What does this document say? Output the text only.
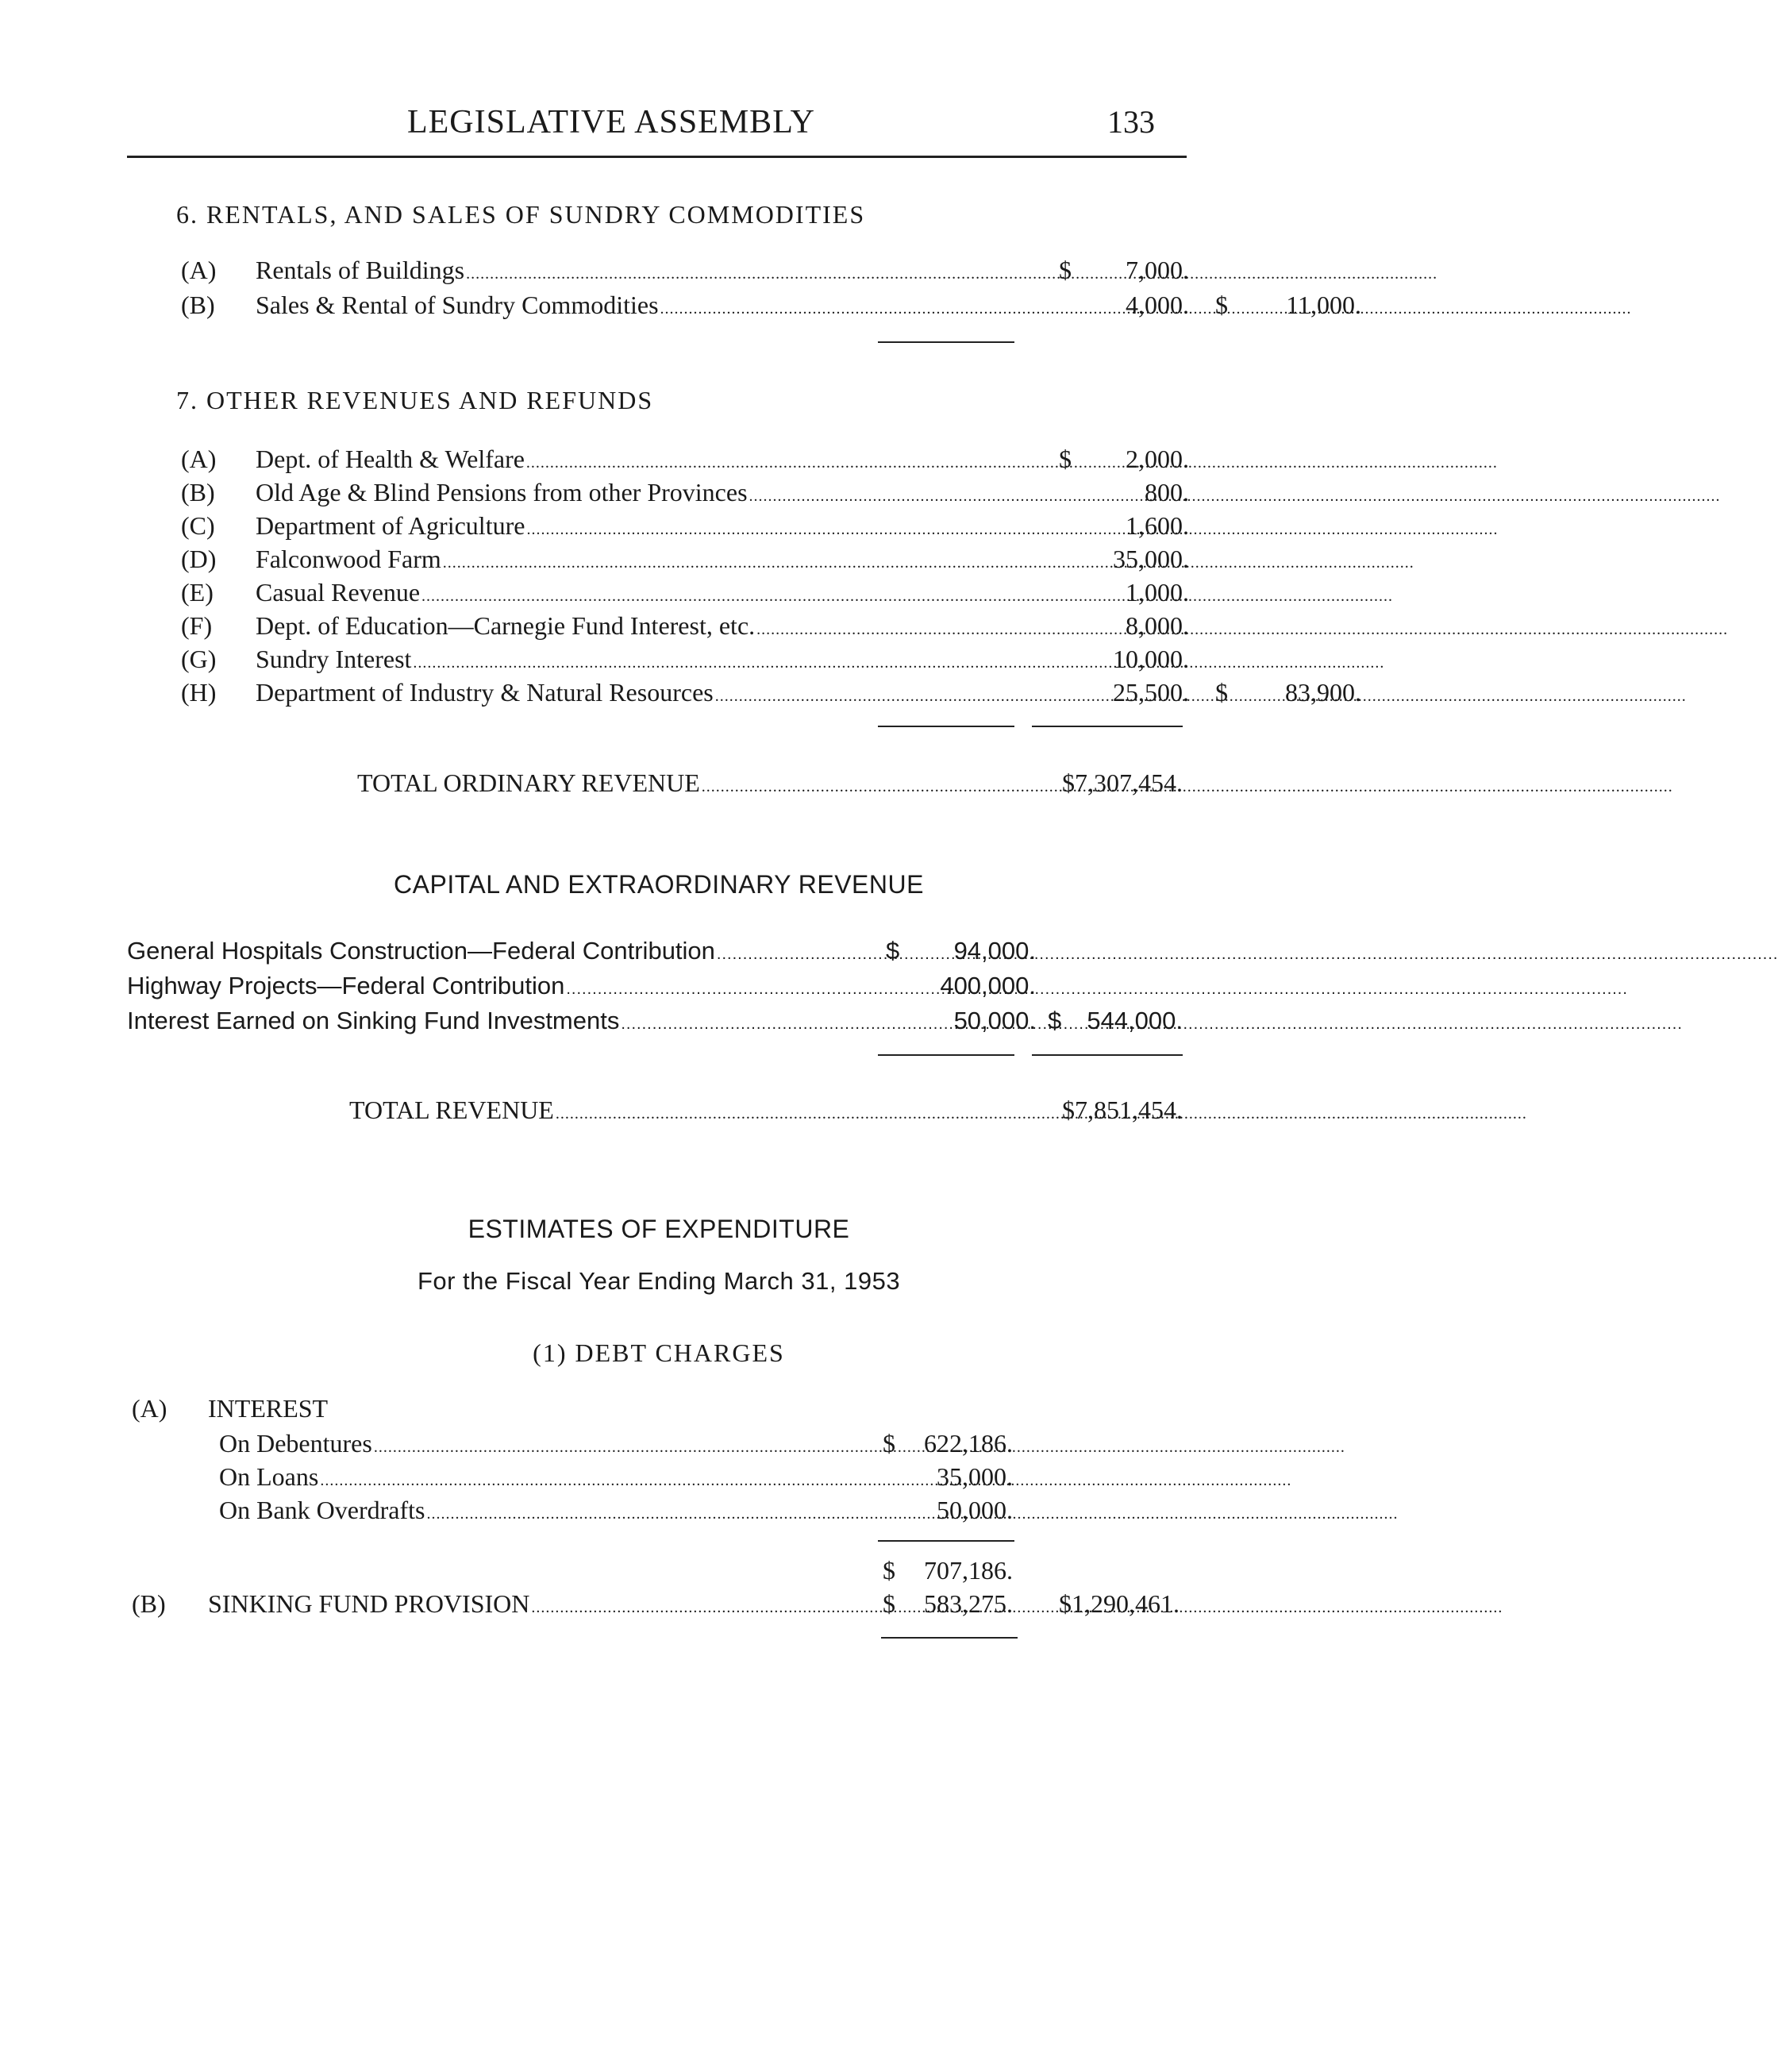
LEGISLATIVE ASSEMBLY	133
6. RENTALS, AND SALES OF SUNDRY COMMODITIES
(A) Rentals of Buildings .....	$	7,000.
(B) Sales & Rental of Sundry Commodities .....	4,000. $	11,000.
7. OTHER REVENUES AND REFUNDS
(A) Dept. of Health & Welfare .....	$	2,000.
(B) Old Age & Blind Pensions from other Provinces .....	800.
(C) Department of Agriculture .....	1,600.
(D) Falconwood Farm .....	35,000.
(E) Casual Revenue .....	1,000.
(F) Dept. of Education—Carnegie Fund Interest, etc. .....	8,000.
(G) Sundry Interest .....	10,000.
(H) Department of Industry & Natural Resources .....	25,500. $	83,900.
TOTAL ORDINARY REVENUE .....	$7,307,454.
CAPITAL AND EXTRAORDINARY REVENUE
General Hospitals Construction—Federal Contribution .....	$	94,000.
Highway Projects—Federal Contribution .....	400,000.
Interest Earned on Sinking Fund Investments .....	50,000. $	544,000.
TOTAL REVENUE .....	$7,851,454.
ESTIMATES OF EXPENDITURE
For the Fiscal Year Ending March 31, 1953
(1) DEBT CHARGES
(A) INTEREST
On Debentures .....	$	622,186.
On Loans .....	35,000.
On Bank Overdrafts .....	50,000.
$	707,186.
(B) SINKING FUND PROVISION .....	$	583,275.	$1,290,461.
